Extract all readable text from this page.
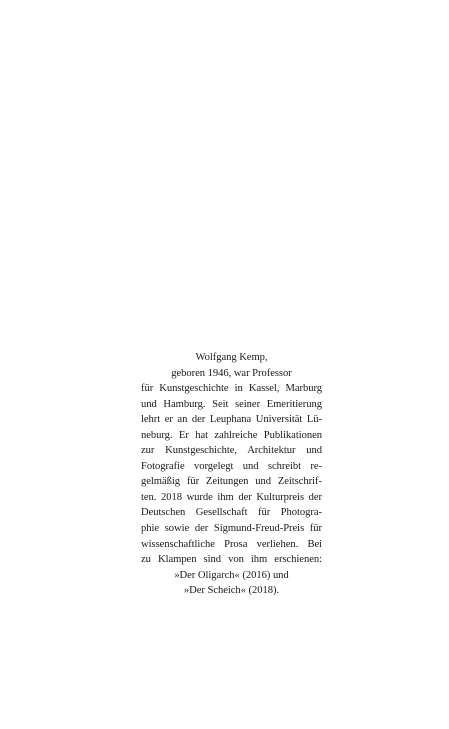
Wolfgang Kemp,
geboren 1946, war Professor
für Kunstgeschichte in Kassel, Marburg
und Hamburg. Seit seiner Emeritierung
lehrt er an der Leuphana Universität Lü-
neburg. Er hat zahlreiche Publikationen
zur Kunstgeschichte, Architektur und
Fotografie vorgelegt und schreibt re-
gelmäßig für Zeitungen und Zeitschrif-
ten. 2018 wurde ihm der Kulturpreis der
Deutschen Gesellschaft für Photogra-
phie sowie der Sigmund-Freud-Preis für
wissenschaftliche Prosa verliehen. Bei
zu Klampen sind von ihm erschienen:
»Der Oligarch« (2016) und
»Der Scheich« (2018).
